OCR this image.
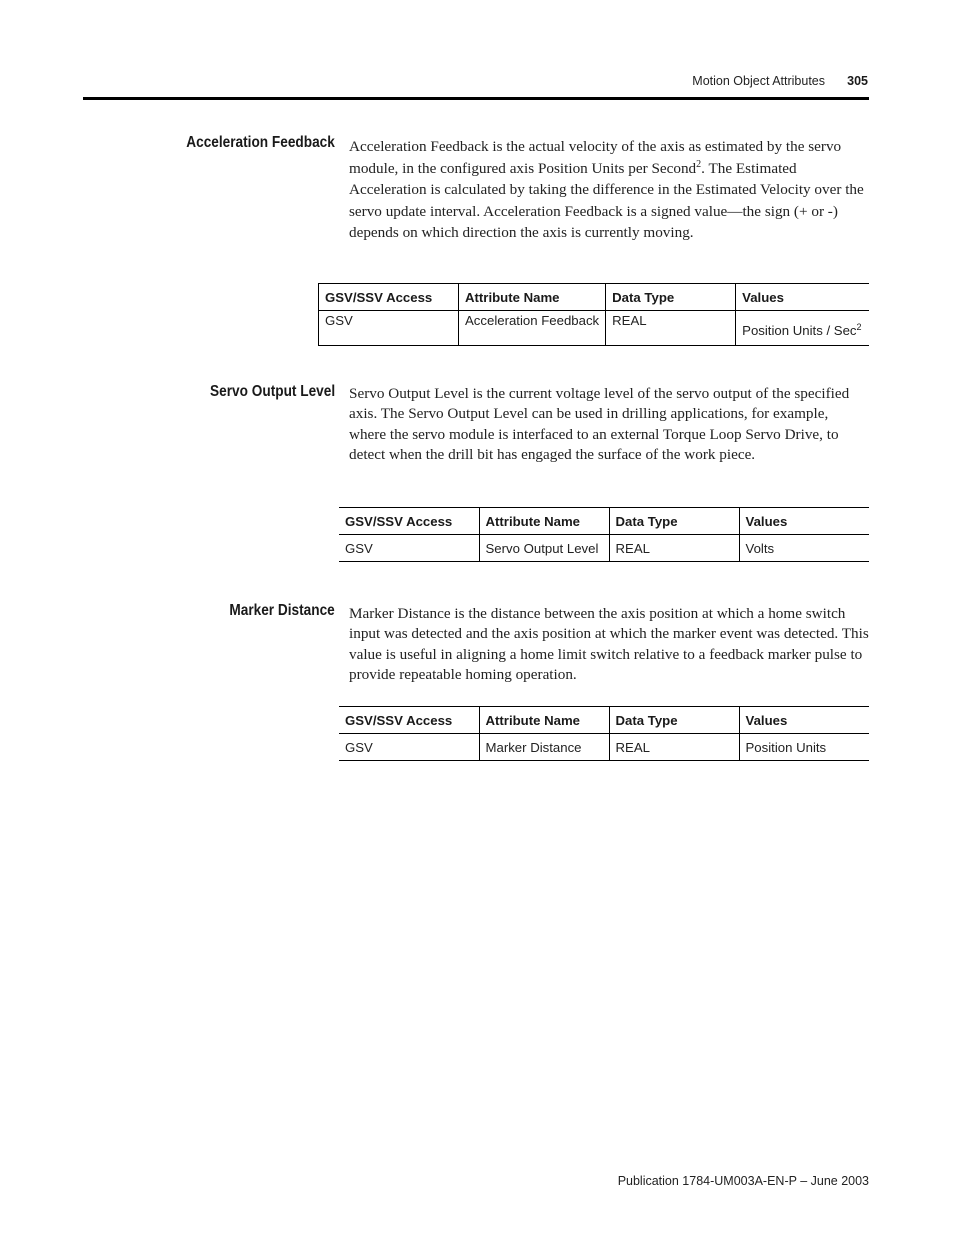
Motion Object Attributes 305
Acceleration Feedback Acceleration Feedback is the actual velocity of the axis as estimated by the servo module, in the configured axis Position Units per Second$^2$. The Estimated Acceleration is calculated by taking the difference in the Estimated Velocity over the servo update interval. Acceleration Feedback is a signed value—the sign (+ or -) depends on which direction the axis is currently moving.
GSV/SSV Access	Attribute Name	Data Type	Values
GSV	Acceleration Feedback	REAL	Position Units / Sec$^2$
Servo Output Level Servo Output Level is the current voltage level of the servo output of the specified axis. The Servo Output Level can be used in drilling applications, for example, where the servo module is interfaced to an external Torque Loop Servo Drive, to detect when the drill bit has engaged the surface of the work piece.
GSV/SSV Access	Attribute Name	Data Type	Values
GSV	Servo Output Level	REAL	Volts
Marker Distance Marker Distance is the distance between the axis position at which a home switch input was detected and the axis position at which the marker event was detected. This value is useful in aligning a home limit switch relative to a feedback marker pulse to provide repeatable homing operation.
GSV/SSV Access	Attribute Name	Data Type	Values
GSV	Marker Distance	REAL	Position Units
Publication 1784-UM003A-EN-P – June 2003
